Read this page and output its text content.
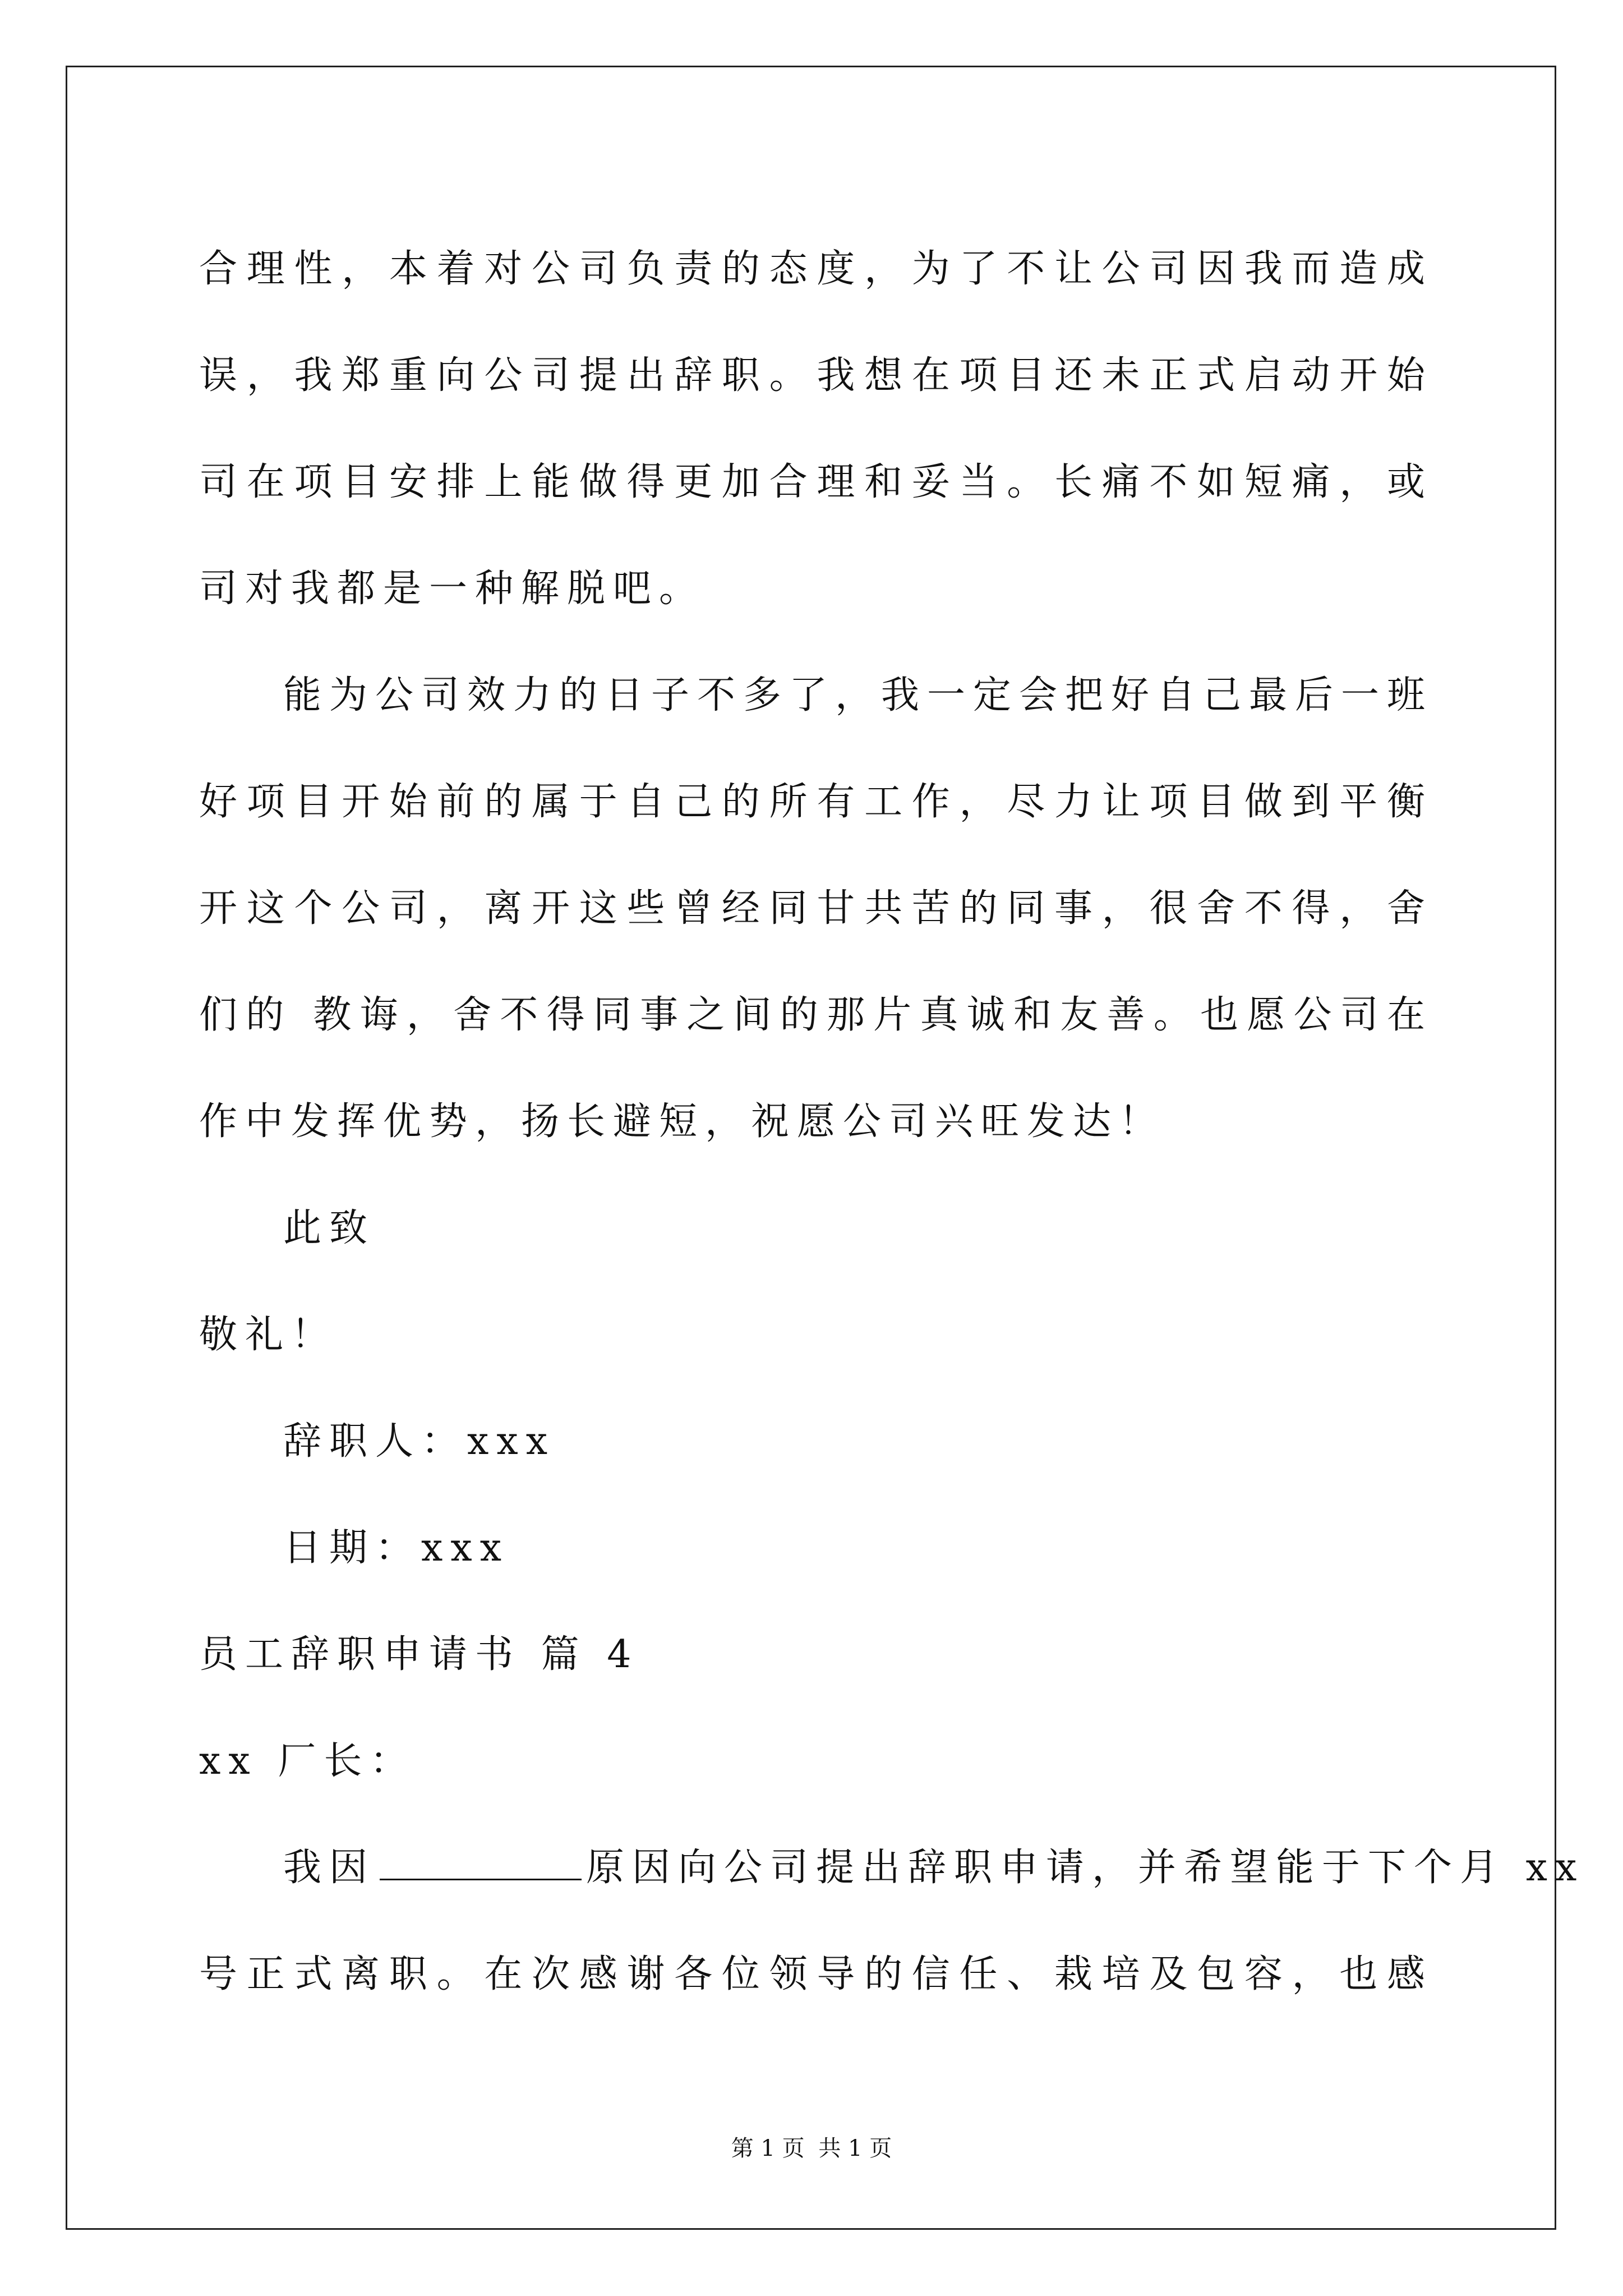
合理性，本着对公司负责的态度，为了不让公司因我而造成
误，我郑重向公司提出辞职。我想在项目还未正式启动开始
司在项目安排上能做得更加合理和妥当。长痛不如短痛，或
司对我都是一种解脱吧。
能为公司效力的日子不多了，我一定会把好自己最后一班
好项目开始前的属于自己的所有工作，尽力让项目做到平衡
开这个公司，离开这些曾经同甘共苦的同事，很舍不得，舍
们的 教诲，舍不得同事之间的那片真诚和友善。也愿公司在
作中发挥优势，扬长避短，祝愿公司兴旺发达！
此致
敬礼！
辞职人：xxx
日期：xxx
员工辞职申请书 篇 4
xx 厂长：
我因	原因向公司提出辞职申请，并希望能于下个月 xx
号正式离职。在次感谢各位领导的信任、栽培及包容，也感
第 1 页 共 1 页
